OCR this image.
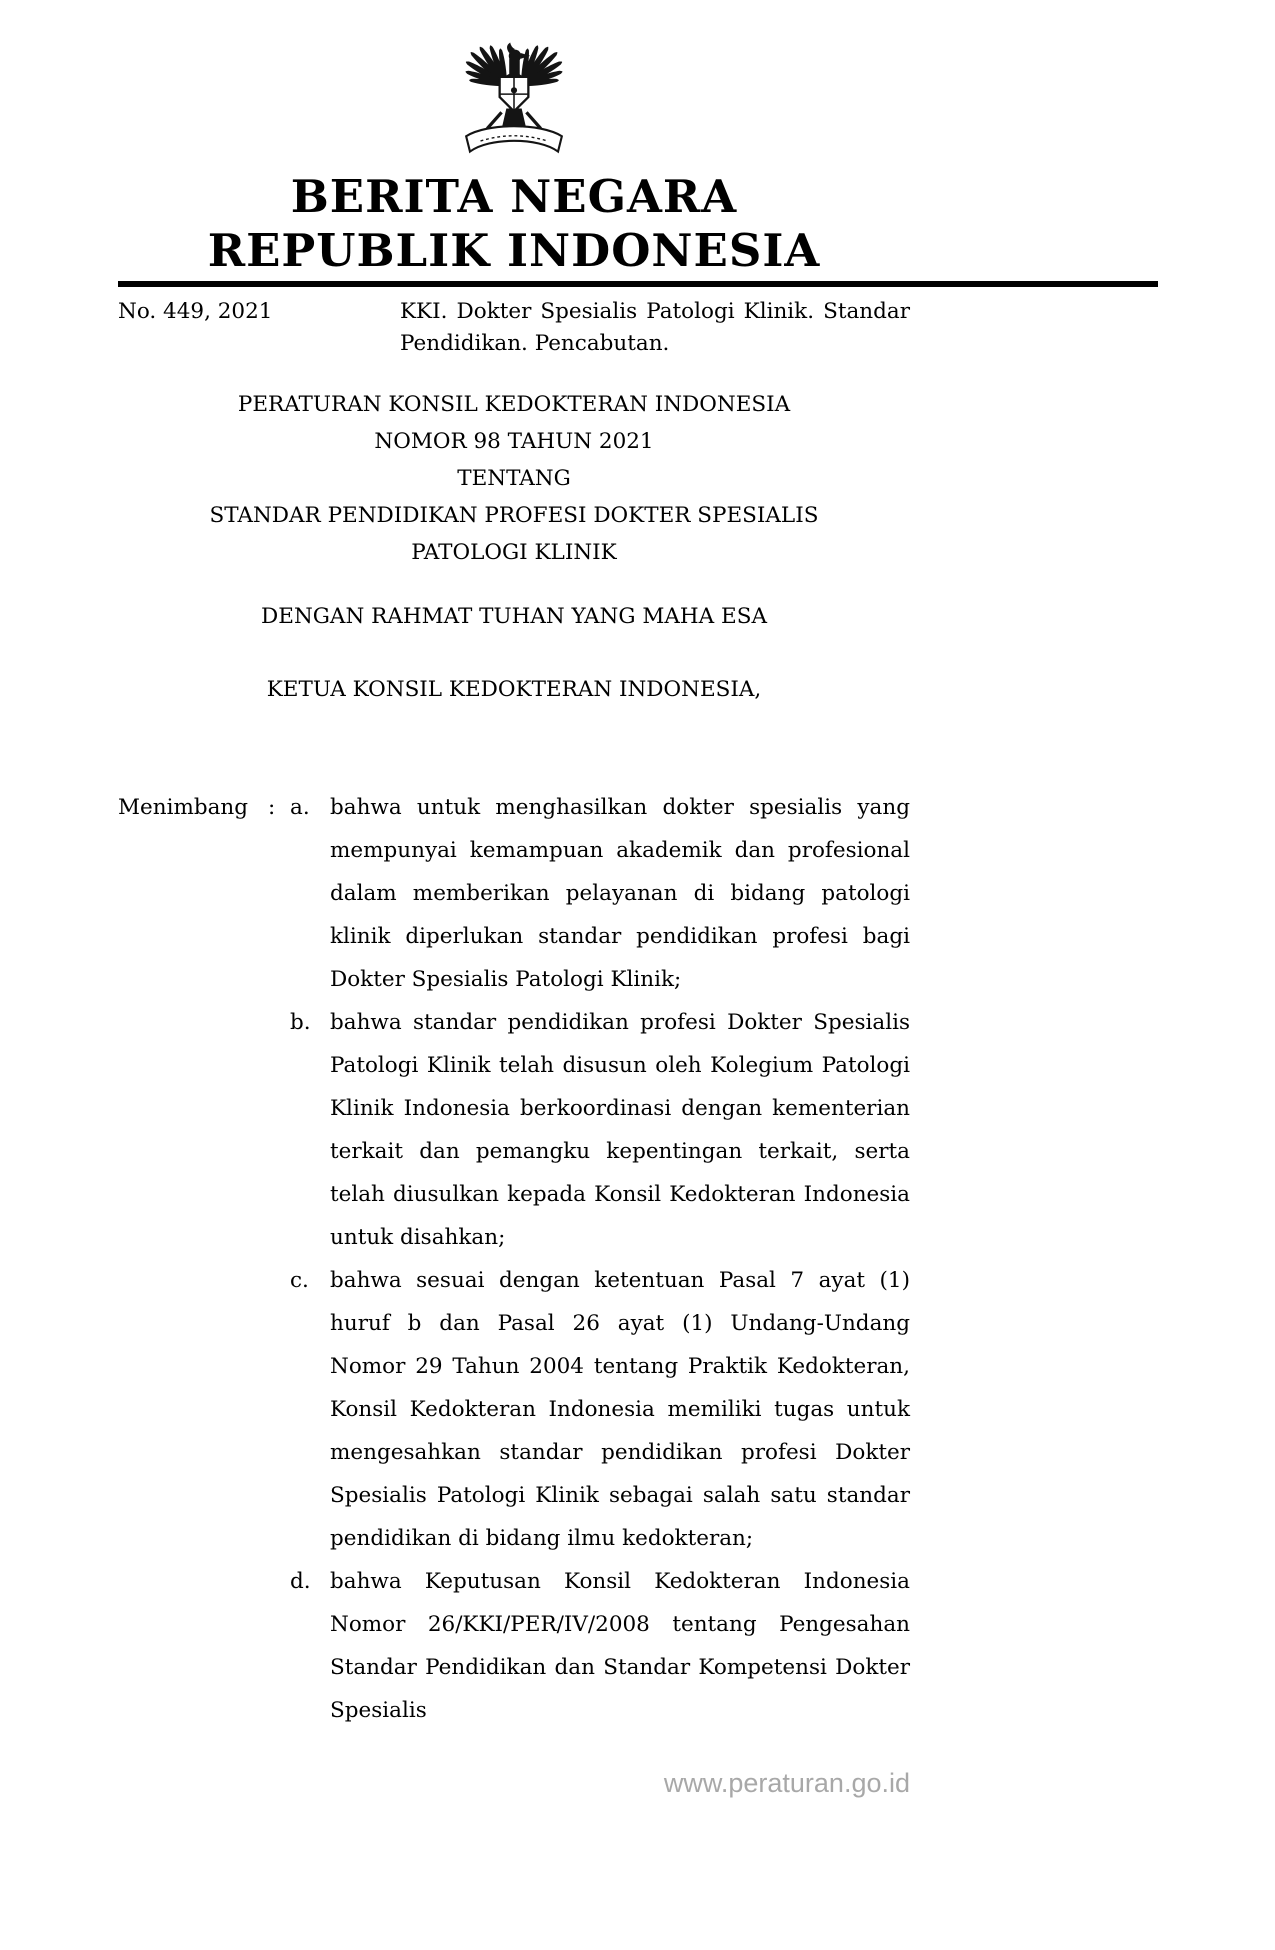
BERITA NEGARA
REPUBLIK INDONESIA
No. 449, 2021	KKI. Dokter Spesialis Patologi Klinik. Standar Pendidikan. Pencabutan.
PERATURAN KONSIL KEDOKTERAN INDONESIA
NOMOR 98 TAHUN 2021
TENTANG
STANDAR PENDIDIKAN PROFESI DOKTER SPESIALIS
PATOLOGI KLINIK
DENGAN RAHMAT TUHAN YANG MAHA ESA
KETUA KONSIL KEDOKTERAN INDONESIA,
Menimbang : a. bahwa untuk menghasilkan dokter spesialis yang mempunyai kemampuan akademik dan profesional dalam memberikan pelayanan di bidang patologi klinik diperlukan standar pendidikan profesi bagi Dokter Spesialis Patologi Klinik;
b. bahwa standar pendidikan profesi Dokter Spesialis Patologi Klinik telah disusun oleh Kolegium Patologi Klinik Indonesia berkoordinasi dengan kementerian terkait dan pemangku kepentingan terkait, serta telah diusulkan kepada Konsil Kedokteran Indonesia untuk disahkan;
c. bahwa sesuai dengan ketentuan Pasal 7 ayat (1) huruf b dan Pasal 26 ayat (1) Undang-Undang Nomor 29 Tahun 2004 tentang Praktik Kedokteran, Konsil Kedokteran Indonesia memiliki tugas untuk mengesahkan standar pendidikan profesi Dokter Spesialis Patologi Klinik sebagai salah satu standar pendidikan di bidang ilmu kedokteran;
d. bahwa Keputusan Konsil Kedokteran Indonesia Nomor 26/KKI/PER/IV/2008 tentang Pengesahan Standar Pendidikan dan Standar Kompetensi Dokter Spesialis
www.peraturan.go.id
